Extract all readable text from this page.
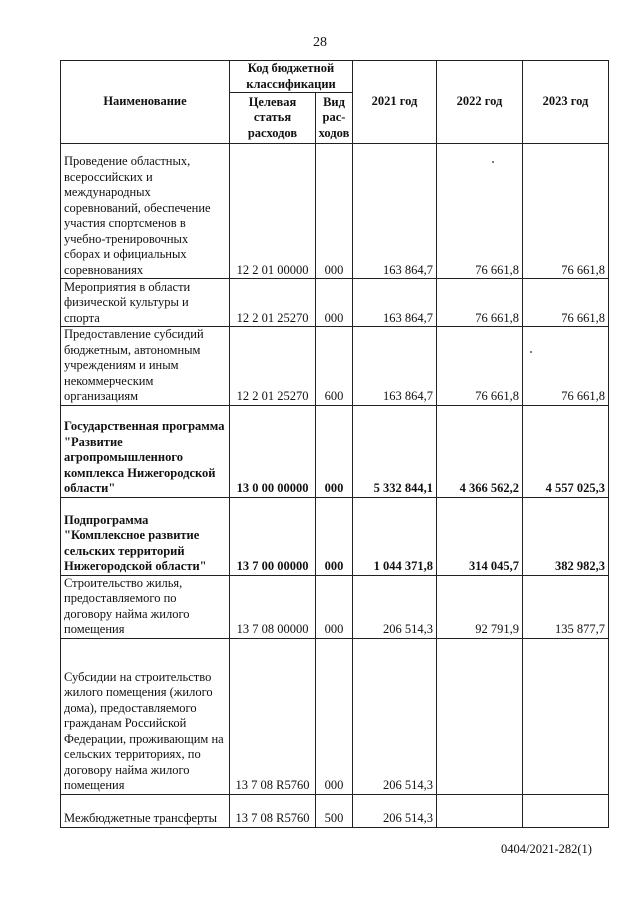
28
Наименование	Код бюджетной классификации		2021 год	2022 год	2023 год
	Целевая статья расходов	Вид рас-ходов			
Проведение областных, всероссийских и международных соревнований, обеспечение участия спортсменов в учебно-тренировочных сборах и официальных соревнованиях	12 2 01 00000	000	163 864,7	76 661,8	76 661,8
Мероприятия в области физической культуры и спорта	12 2 01 25270	000	163 864,7	76 661,8	76 661,8
Предоставление субсидий бюджетным, автономным учреждениям и иным некоммерческим организациям	12 2 01 25270	600	163 864,7	76 661,8	76 661,8
Государственная программа "Развитие агропромышленного комплекса Нижегородской области"	13 0 00 00000	000	5 332 844,1	4 366 562,2	4 557 025,3
Подпрограмма "Комплексное развитие сельских территорий Нижегородской области"	13 7 00 00000	000	1 044 371,8	314 045,7	382 982,3
Строительство жилья, предоставляемого по договору найма жилого помещения	13 7 08 00000	000	206 514,3	92 791,9	135 877,7
Субсидии на строительство жилого помещения (жилого дома), предоставляемого гражданам Российской Федерации, проживающим на сельских территориях, по договору найма жилого помещения	13 7 08 R5760	000	206 514,3		
Межбюджетные трансферты	13 7 08 R5760	500	206 514,3		
0404/2021-282(1)
